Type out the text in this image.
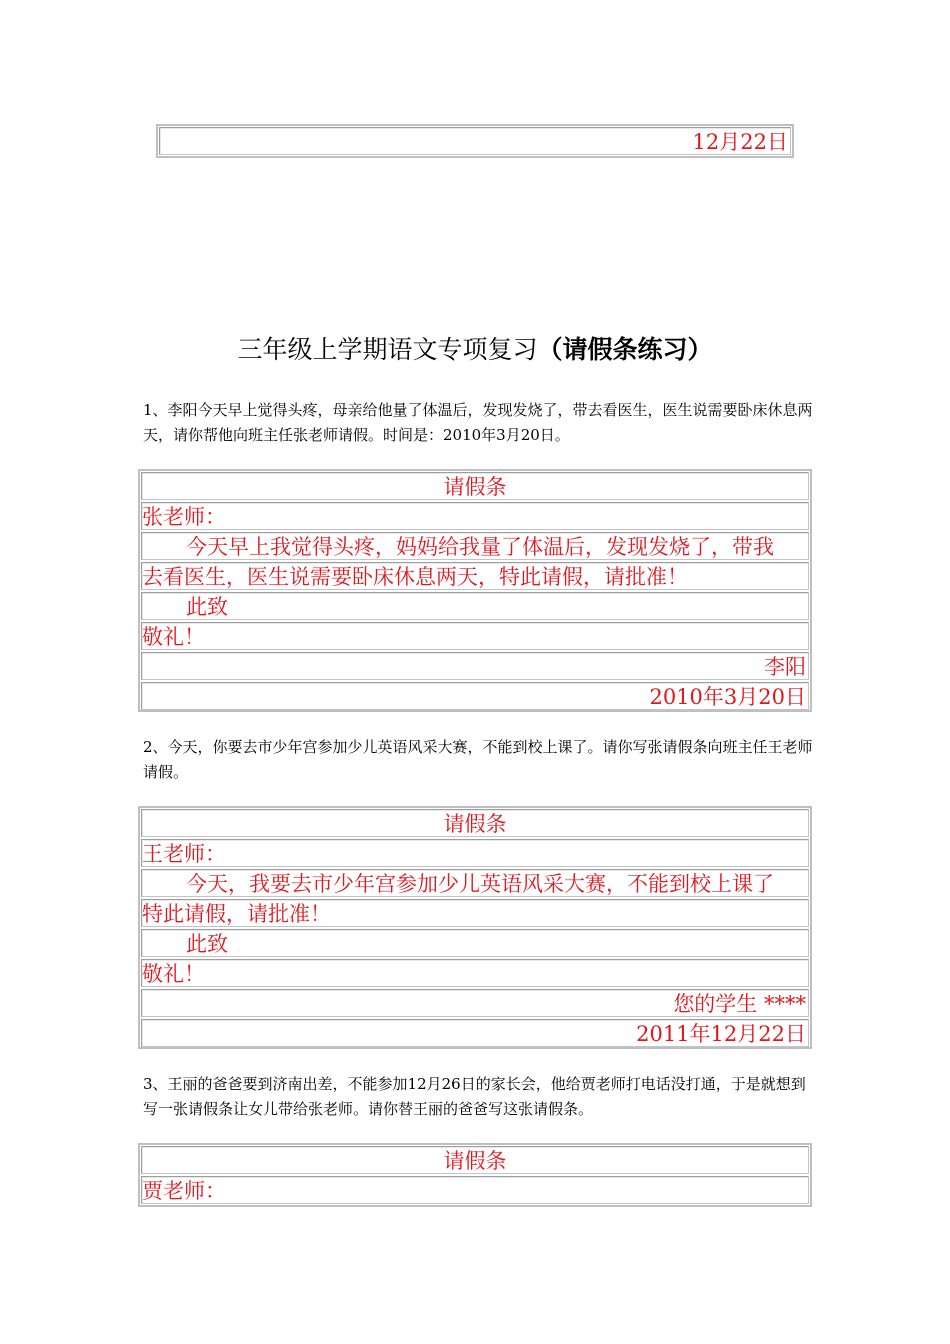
12月22日
三年级上学期语文专项复习（请假条练习）
1、李阳今天早上觉得头疼，母亲给他量了体温后，发现发烧了，带去看医生，医生说需要卧床休息两天，请你帮他向班主任张老师请假。时间是：2010年3月20日。
请假条
张老师：
今天早上我觉得头疼，妈妈给我量了体温后，发现发烧了，带我
去看医生，医生说需要卧床休息两天，特此请假，请批准！
此致
敬礼！
李阳
2010年3月20日
2、今天，你要去市少年宫参加少儿英语风采大赛，不能到校上课了。请你写张请假条向班主任王老师请假。
请假条
王老师：
今天，我要去市少年宫参加少儿英语风采大赛，不能到校上课了
特此请假，请批准！
此致
敬礼！
您的学生 ****
2011年12月22日
3、王丽的爸爸要到济南出差，不能参加12月26日的家长会，他给贾老师打电话没打通，于是就想到写一张请假条让女儿带给张老师。请你替王丽的爸爸写这张请假条。
请假条
贾老师：
